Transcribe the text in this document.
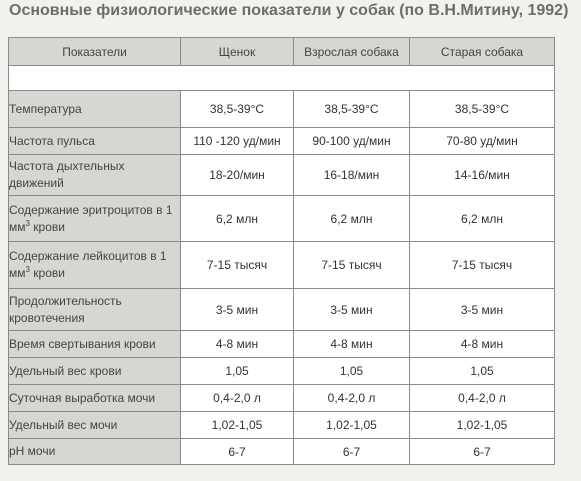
Основные физиологические показатели у собак (по В.Н.Митину, 1992)
Показатели	Щенок	Взрослая собака	Старая собака

Температура	38,5-39°С	38,5-39°С	38,5-39°С
Частота пульса	110 -120 уд/мин	90-100 уд/мин	70-80 уд/мин
Частота дыхтельных движений	18-20/мин	16-18/мин	14-16/мин
Содержание эритроцитов в 1 $мм^3$ крови	6,2 млн	6,2 млн	6,2 млн
Содержание лейкоцитов в 1 $мм^3$ крови	7-15 тысяч	7-15 тысяч	7-15 тысяч
Продолжительность кровотечения	3-5 мин	3-5 мин	3-5 мин
Время свертывания крови	4-8 мин	4-8 мин	4-8 мин
Удельный вес крови	1,05	1,05	1,05
Суточная выработка мочи	0,4-2,0 л	0,4-2,0 л	0,4-2,0 л
Удельный вес мочи	1,02-1,05	1,02-1,05	1,02-1,05
pH мочи	6-7	6-7	6-7
